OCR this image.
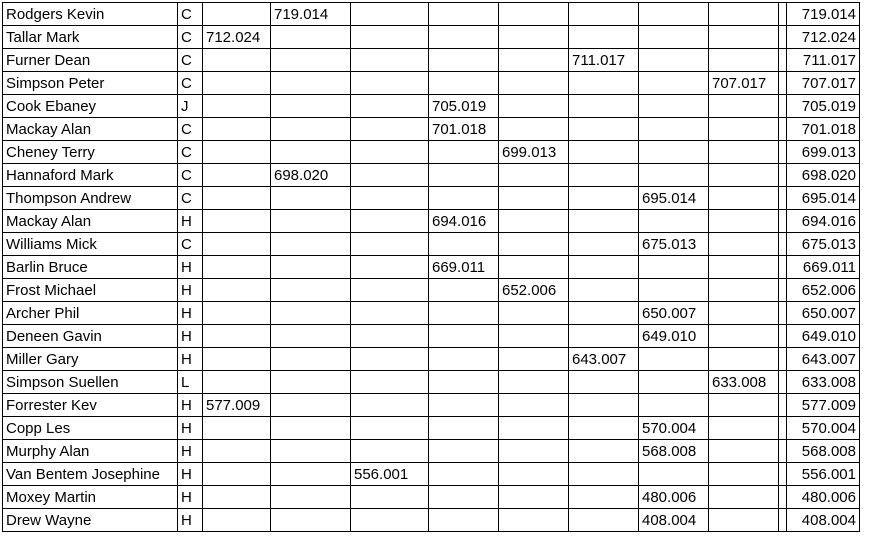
Rodgers Kevin	C		719.014								719.014
Tallar Mark	C	712.024									712.024
Furner Dean	C						711.017				711.017
Simpson Peter	C								707.017		707.017
Cook Ebaney	J				705.019						705.019
Mackay Alan	C				701.018						701.018
Cheney Terry	C					699.013					699.013
Hannaford Mark	C		698.020								698.020
Thompson Andrew	C							695.014			695.014
Mackay Alan	H				694.016						694.016
Williams Mick	C							675.013			675.013
Barlin Bruce	H				669.011						669.011
Frost Michael	H					652.006					652.006
Archer Phil	H							650.007			650.007
Deneen Gavin	H							649.010			649.010
Miller Gary	H						643.007				643.007
Simpson Suellen	L								633.008		633.008
Forrester Kev	H	577.009									577.009
Copp Les	H							570.004			570.004
Murphy Alan	H							568.008			568.008
Van Bentem Josephine	H			556.001							556.001
Moxey Martin	H							480.006			480.006
Drew Wayne	H							408.004			408.004
